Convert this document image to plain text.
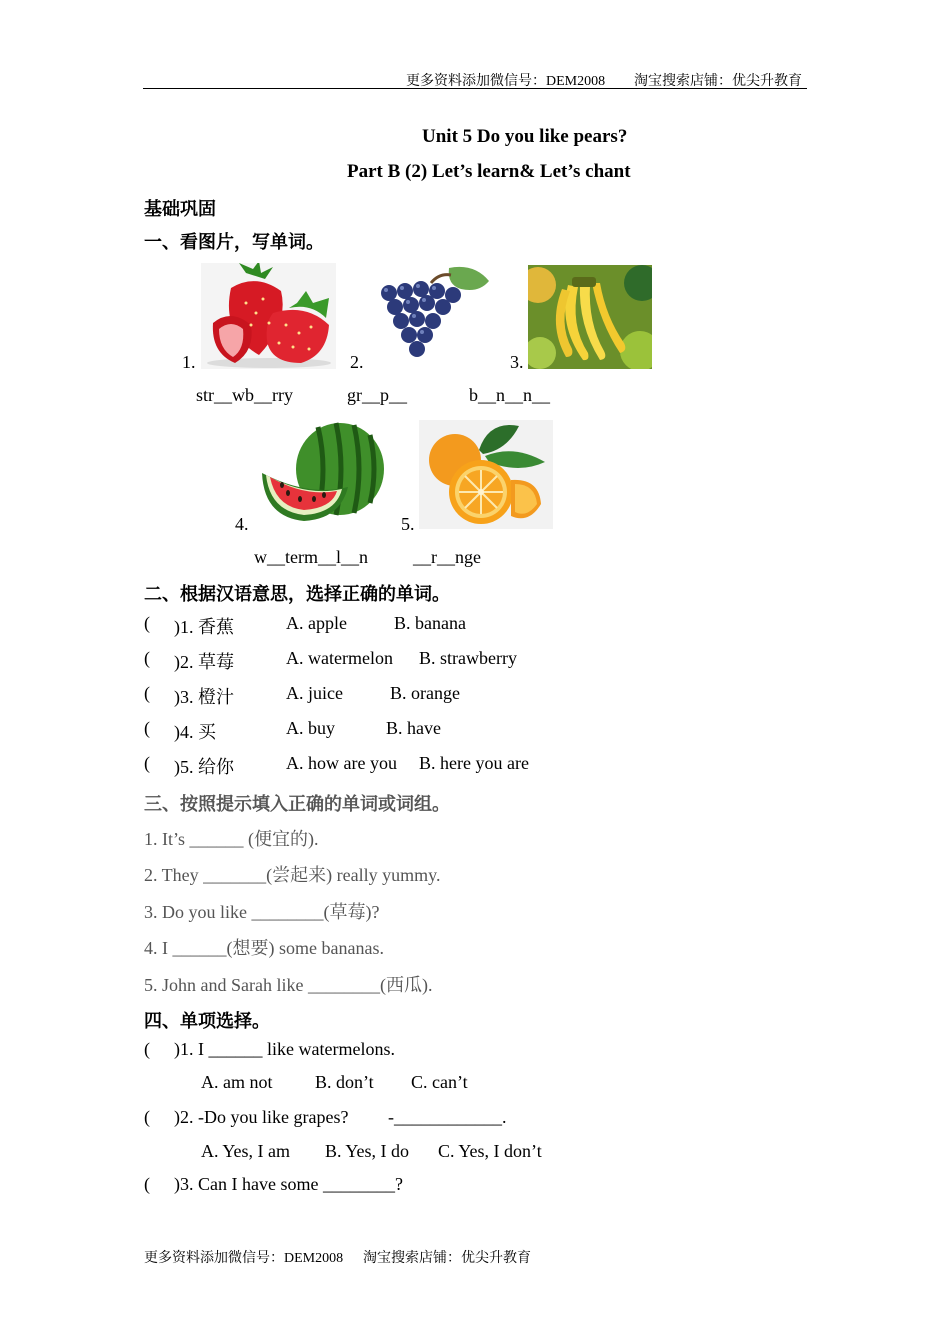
更多资料添加微信号：DEM2008 淘宝搜索店铺：优尖升教育
Unit 5 Do you like pears?
Part B (2) Let’s learn& Let’s chant
基础巩固
一、看图片，写单词。
1.	2.	3.
str__wb__rry	gr__p__	b__n__n__
4.	5.
w__term__l__n	__r__nge
二、根据汉语意思，选择正确的单词。
( )1. 香蕉	A. apple	B. banana
( )2. 草莓	A. watermelon B. strawberry
( )3. 橙汁	A. juice	B. orange
( )4. 买	A. buy	B. have
( )5. 给你	A. how are you B. here you are
三、按照提示填入正确的单词或词组。
1. It’s ______ (便宜的).
2. They _______(尝起来) really yummy.
3. Do you like ________(草莓)?
4. I ______(想要) some bananas.
5. John and Sarah like ________(西瓜).
四、单项选择。
( )1. I ______ like watermelons.
A. am not B. don’t C. can’t
( )2. -Do you like grapes? -____________.
A. Yes, I am B. Yes, I do C. Yes, I don’t
( )3. Can I have some ________?
更多资料添加微信号：DEM2008 淘宝搜索店铺：优尖升教育
